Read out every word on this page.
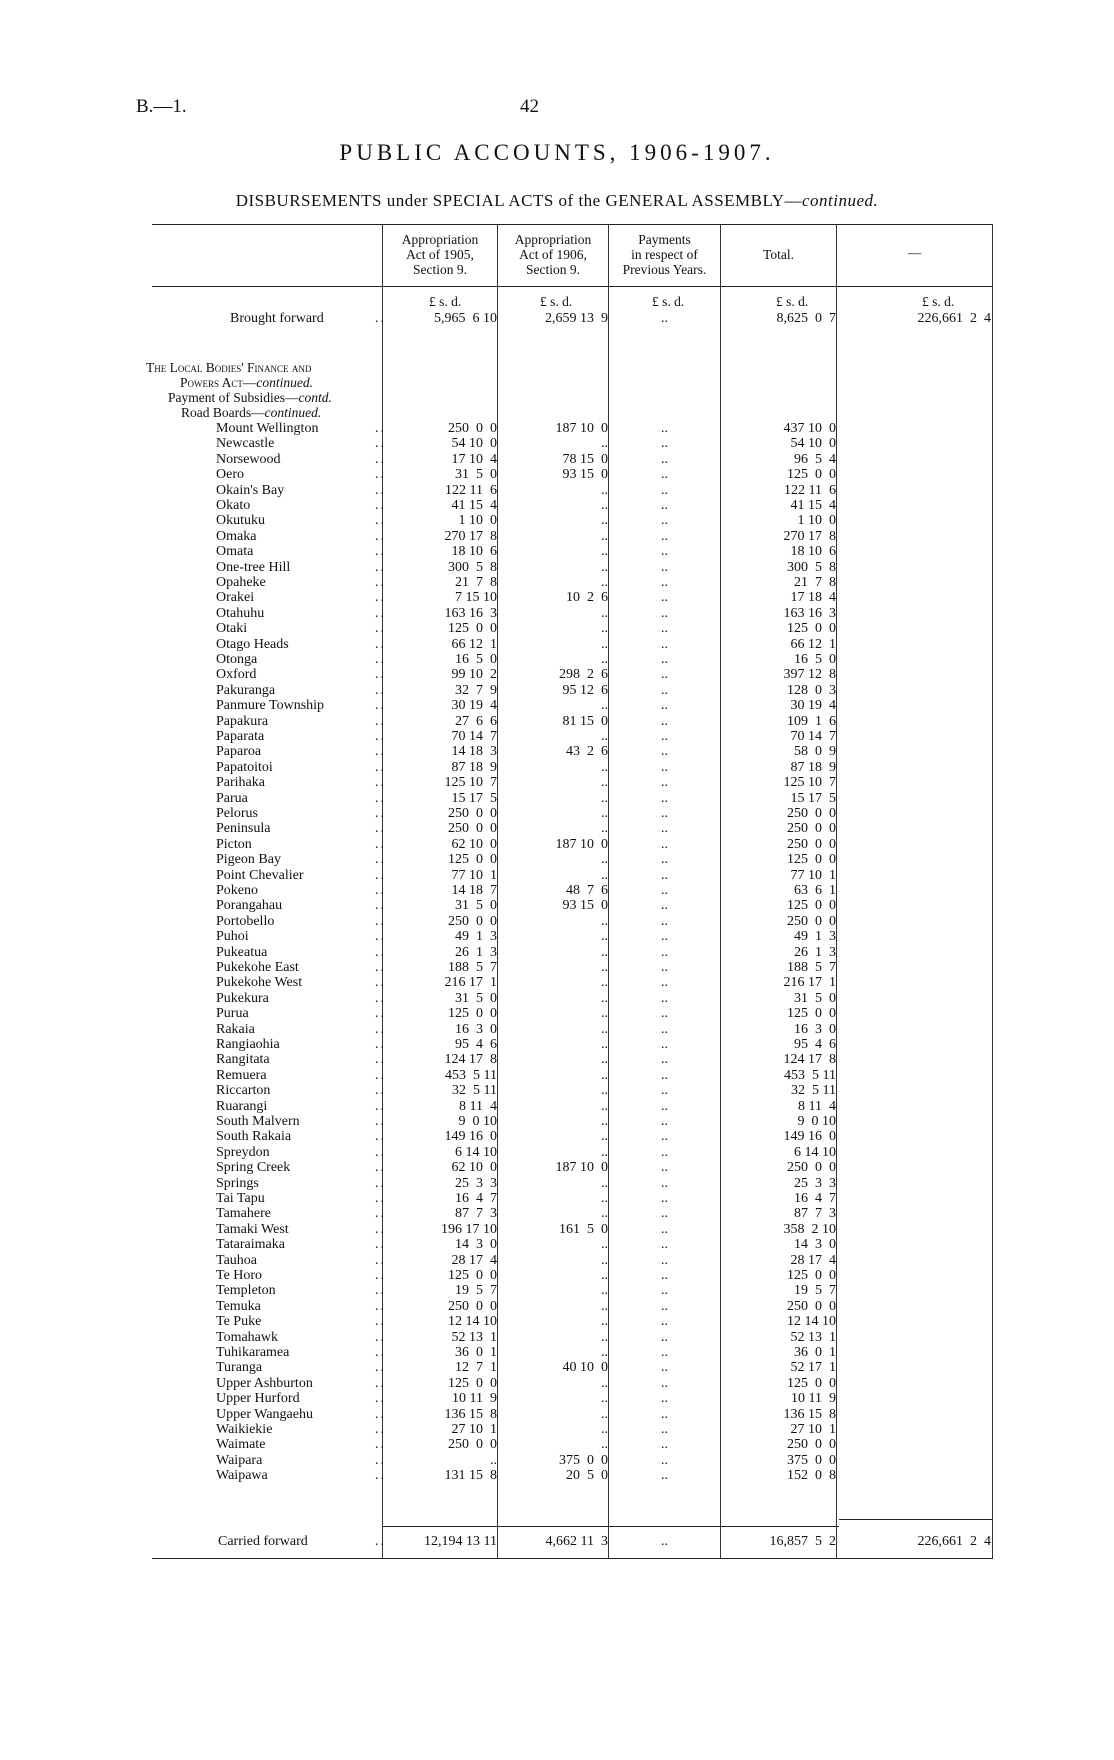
B.—1.	42
PUBLIC ACCOUNTS, 1906-1907.
DISBURSEMENTS under SPECIAL ACTS of the GENERAL ASSEMBLY—continued.
Appropriation
Act of 1905,
Section 9.
Appropriation
Act of 1906,
Section 9.
Payments
in respect of
Previous Years.
Total.	—
£ s. d.	£ s. d.	£ s. d.	£ s. d.	£ s. d.
Brought forward	..	5,965  6 10	2,659 13  9	..	8,625  0  7	226,661  2  4
The Local Bodies' Finance and
Powers Act—continued.
Payment of Subsidies—contd.
Road Boards—continued.
Mount Wellington	..	250  0  0	187 10  0	..	437 10  0
Newcastle	..	54 10  0	..	..	54 10  0
Norsewood	..	17 10  4	78 15  0	..	96  5  4
Oero	..	31  5  0	93 15  0	..	125  0  0
Okain's Bay	..	122 11  6	..	..	122 11  6
Okato	..	41 15  4	..	..	41 15  4
Okutuku	..	1 10  0	..	..	1 10  0
Omaka	..	270 17  8	..	..	270 17  8
Omata	..	18 10  6	..	..	18 10  6
One-tree Hill	..	300  5  8	..	..	300  5  8
Opaheke	..	21  7  8	..	..	21  7  8
Orakei	..	7 15 10	10  2  6	..	17 18  4
Otahuhu	..	163 16  3	..	..	163 16  3
Otaki	..	125  0  0	..	..	125  0  0
Otago Heads	..	66 12  1	..	..	66 12  1
Otonga	..	16  5  0	..	..	16  5  0
Oxford	..	99 10  2	298  2  6	..	397 12  8
Pakuranga	..	32  7  9	95 12  6	..	128  0  3
Panmure Township	..	30 19  4	..	..	30 19  4
Papakura	..	27  6  6	81 15  0	..	109  1  6
Paparata	..	70 14  7	..	..	70 14  7
Paparoa	..	14 18  3	43  2  6	..	58  0  9
Papatoitoi	..	87 18  9	..	..	87 18  9
Parihaka	..	125 10  7	..	..	125 10  7
Parua	..	15 17  5	..	..	15 17  5
Pelorus	..	250  0  0	..	..	250  0  0
Peninsula	..	250  0  0	..	..	250  0  0
Picton	..	62 10  0	187 10  0	..	250  0  0
Pigeon Bay	..	125  0  0	..	..	125  0  0
Point Chevalier	..	77 10  1	..	..	77 10  1
Pokeno	..	14 18  7	48  7  6	..	63  6  1
Porangahau	..	31  5  0	93 15  0	..	125  0  0
Portobello	..	250  0  0	..	..	250  0  0
Puhoi	..	49  1  3	..	..	49  1  3
Pukeatua	..	26  1  3	..	..	26  1  3
Pukekohe East	..	188  5  7	..	..	188  5  7
Pukekohe West	..	216 17  1	..	..	216 17  1
Pukekura	..	31  5  0	..	..	31  5  0
Purua	..	125  0  0	..	..	125  0  0
Rakaia	..	16  3  0	..	..	16  3  0
Rangiaohia	..	95  4  6	..	..	95  4  6
Rangitata	..	124 17  8	..	..	124 17  8
Remuera	..	453  5 11	..	..	453  5 11
Riccarton	..	32  5 11	..	..	32  5 11
Ruarangi	..	8 11  4	..	..	8 11  4
South Malvern	..	9  0 10	..	..	9  0 10
South Rakaia	..	149 16  0	..	..	149 16  0
Spreydon	..	6 14 10	..	..	6 14 10
Spring Creek	..	62 10  0	187 10  0	..	250  0  0
Springs	..	25  3  3	..	..	25  3  3
Tai Tapu	..	16  4  7	..	..	16  4  7
Tamahere	..	87  7  3	..	..	87  7  3
Tamaki West	..	196 17 10	161  5  0	..	358  2 10
Tataraimaka	..	14  3  0	..	..	14  3  0
Tauhoa	..	28 17  4	..	..	28 17  4
Te Horo	..	125  0  0	..	..	125  0  0
Templeton	..	19  5  7	..	..	19  5  7
Temuka	..	250  0  0	..	..	250  0  0
Te Puke	..	12 14 10	..	..	12 14 10
Tomahawk	..	52 13  1	..	..	52 13  1
Tuhikaramea	..	36  0  1	..	..	36  0  1
Turanga	..	12  7  1	40 10  0	..	52 17  1
Upper Ashburton	..	125  0  0	..	..	125  0  0
Upper Hurford	..	10 11  9	..	..	10 11  9
Upper Wangaehu	..	136 15  8	..	..	136 15  8
Waikiekie	..	27 10  1	..	..	27 10  1
Waimate	..	250  0  0	..	..	250  0  0
Waipara	..	..	375  0  0	..	375  0  0
Waipawa	..	131 15  8	20  5  0	..	152  0  8
Carried forward	..	12,194 13 11	4,662 11  3	..	16,857  5  2	226,661  2  4
